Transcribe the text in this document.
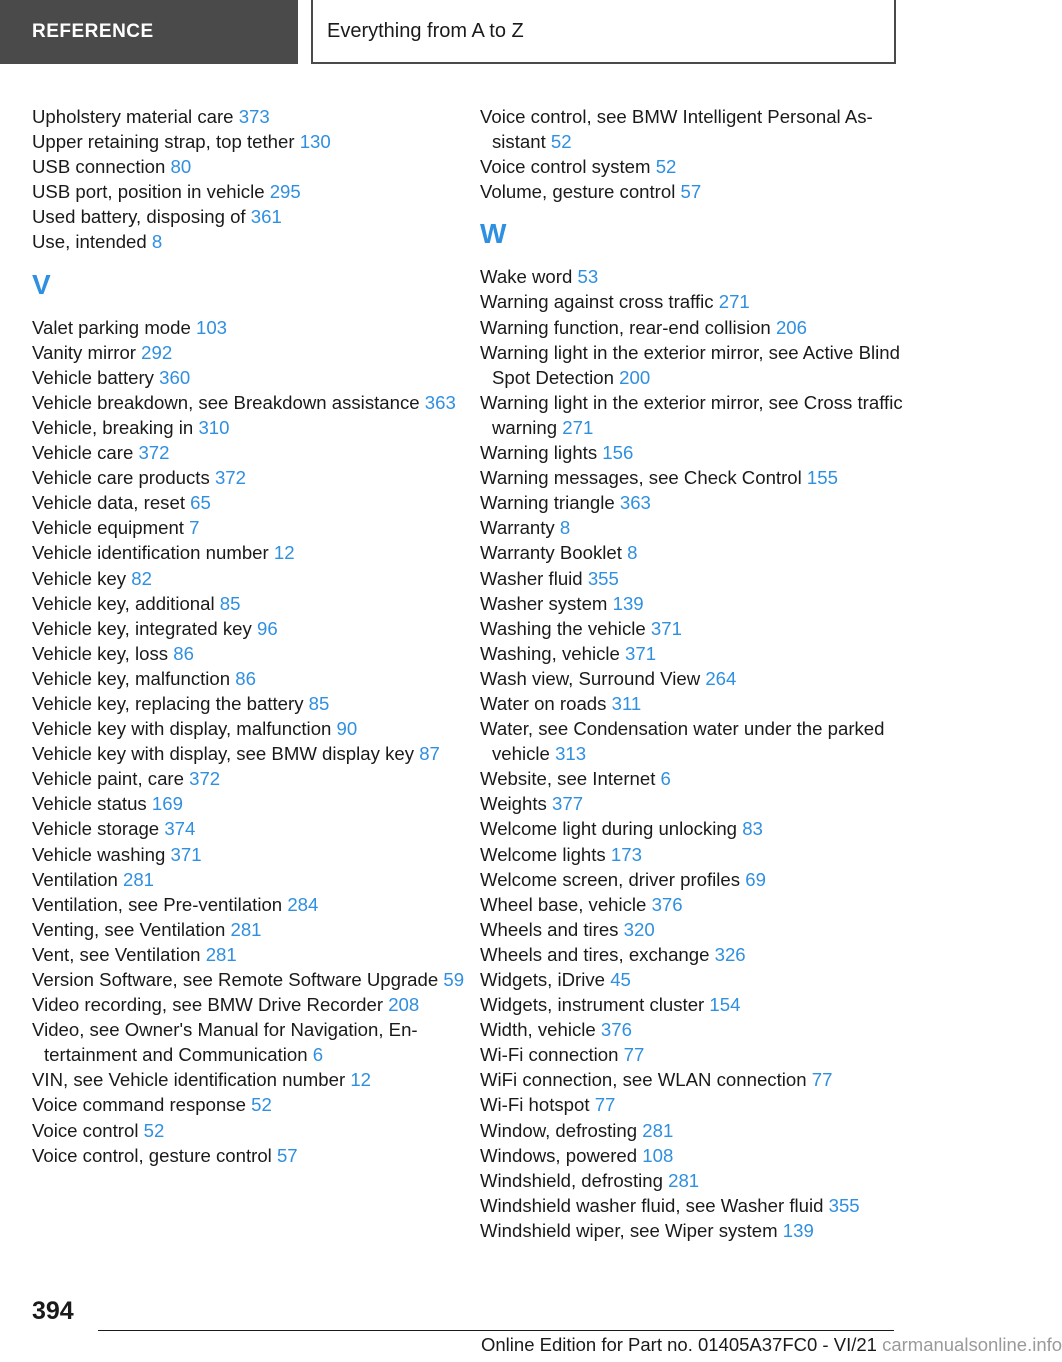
REFERENCE	Everything from A to Z
Upholstery material care 373
Upper retaining strap, top tether 130
USB connection 80
USB port, position in vehicle 295
Used battery, disposing of 361
Use, intended 8
V
Valet parking mode 103
Vanity mirror 292
Vehicle battery 360
Vehicle breakdown, see Breakdown assistance 363
Vehicle, breaking in 310
Vehicle care 372
Vehicle care products 372
Vehicle data, reset 65
Vehicle equipment 7
Vehicle identification number 12
Vehicle key 82
Vehicle key, additional 85
Vehicle key, integrated key 96
Vehicle key, loss 86
Vehicle key, malfunction 86
Vehicle key, replacing the battery 85
Vehicle key with display, malfunction 90
Vehicle key with display, see BMW display key 87
Vehicle paint, care 372
Vehicle status 169
Vehicle storage 374
Vehicle washing 371
Ventilation 281
Ventilation, see Pre-ventilation 284
Venting, see Ventilation 281
Vent, see Ventilation 281
Version Software, see Remote Software Upgrade 59
Video recording, see BMW Drive Recorder 208
Video, see Owner's Manual for Navigation, Entertainment and Communication 6
VIN, see Vehicle identification number 12
Voice command response 52
Voice control 52
Voice control, gesture control 57
Voice control, see BMW Intelligent Personal Assistant 52
Voice control system 52
Volume, gesture control 57
W
Wake word 53
Warning against cross traffic 271
Warning function, rear-end collision 206
Warning light in the exterior mirror, see Active Blind Spot Detection 200
Warning light in the exterior mirror, see Cross traffic warning 271
Warning lights 156
Warning messages, see Check Control 155
Warning triangle 363
Warranty 8
Warranty Booklet 8
Washer fluid 355
Washer system 139
Washing the vehicle 371
Washing, vehicle 371
Wash view, Surround View 264
Water on roads 311
Water, see Condensation water under the parked vehicle 313
Website, see Internet 6
Weights 377
Welcome light during unlocking 83
Welcome lights 173
Welcome screen, driver profiles 69
Wheel base, vehicle 376
Wheels and tires 320
Wheels and tires, exchange 326
Widgets, iDrive 45
Widgets, instrument cluster 154
Width, vehicle 376
Wi-Fi connection 77
WiFi connection, see WLAN connection 77
Wi-Fi hotspot 77
Window, defrosting 281
Windows, powered 108
Windshield, defrosting 281
Windshield washer fluid, see Washer fluid 355
Windshield wiper, see Wiper system 139
394
Online Edition for Part no. 01405A37FC0 - VI/21 carmanualsonline.info
